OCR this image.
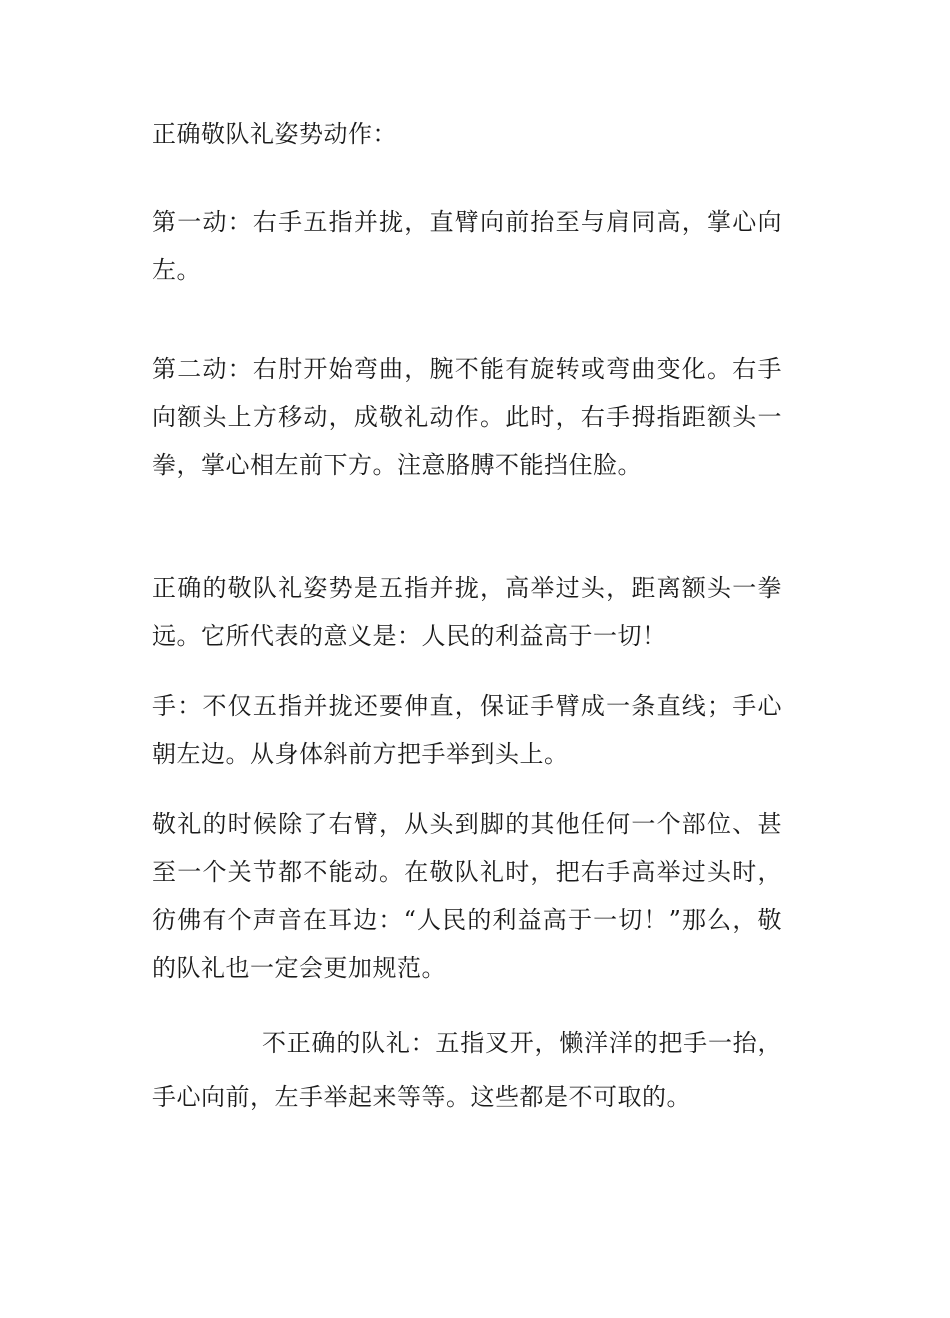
正确敬队礼姿势动作：

第一动：右手五指并拢，直臂向前抬至与肩同高，掌心向左。

第二动：右肘开始弯曲，腕不能有旋转或弯曲变化。右手向额头上方移动，成敬礼动作。此时，右手拇指距额头一拳，掌心相左前下方。注意胳膊不能挡住脸。

正确的敬队礼姿势是五指并拢，高举过头，距离额头一拳远。它所代表的意义是：人民的利益高于一切！

手：不仅五指并拢还要伸直，保证手臂成一条直线；手心朝左边。从身体斜前方把手举到头上。

敬礼的时候除了右臂，从头到脚的其他任何一个部位、甚至一个关节都不能动。在敬队礼时，把右手高举过头时，彷佛有个声音在耳边：“人民的利益高于一切！”那么，敬的队礼也一定会更加规范。

不正确的队礼：五指叉开，懒洋洋的把手一抬，手心向前，左手举起来等等。这些都是不可取的。
